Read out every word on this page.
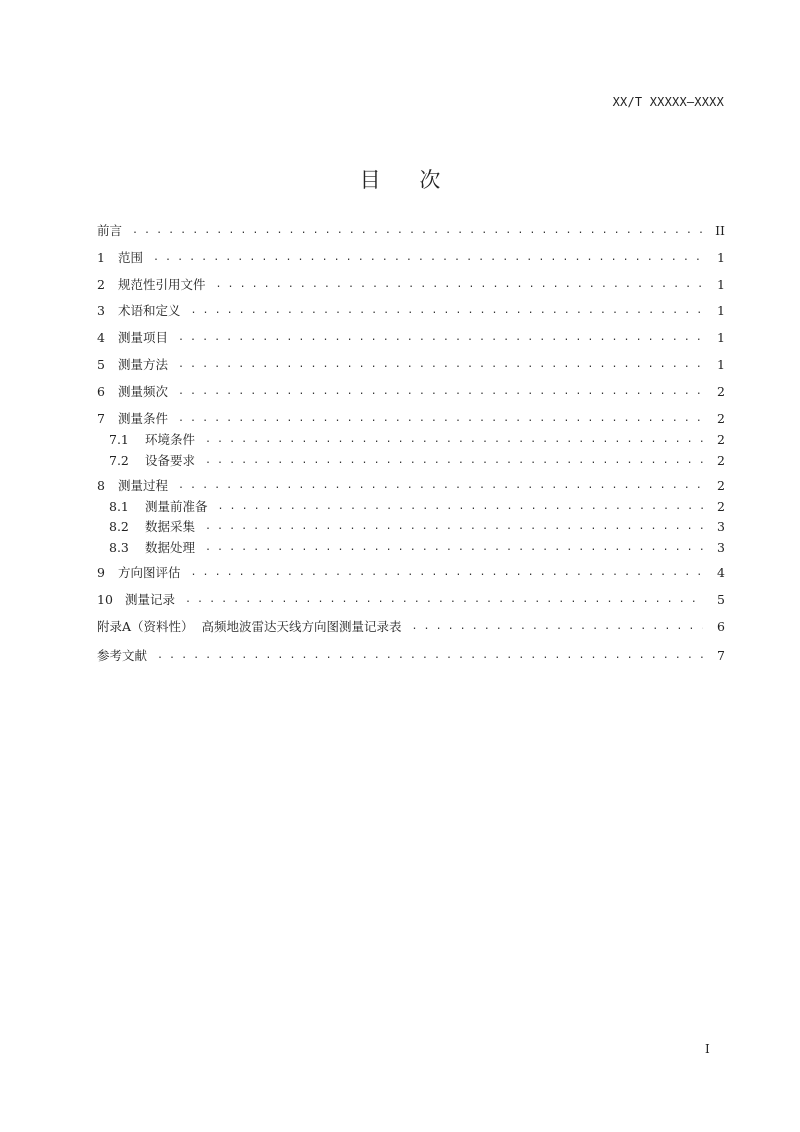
XX/T XXXXX—XXXX
目 次
前言 . . .	II
1	范围 . . .	1
2	规范性引用文件 . . .	1
3	术语和定义 . . .	1
4	测量项目 . . .	1
5	测量方法 . . .	1
6	测量频次 . . .	2
7	测量条件 . . .	2
7.1	环境条件 . . .	2
7.2	设备要求 . . .	2
8	测量过程 . . .	2
8.1	测量前准备 . . .	2
8.2	数据采集 . . .	3
8.3	数据处理 . . .	3
9	方向图评估 . . .	4
10 测量记录 . . .	5
附录A（资料性）  高频地波雷达天线方向图测量记录表 . . .	6
参考文献 . . .	7
I
